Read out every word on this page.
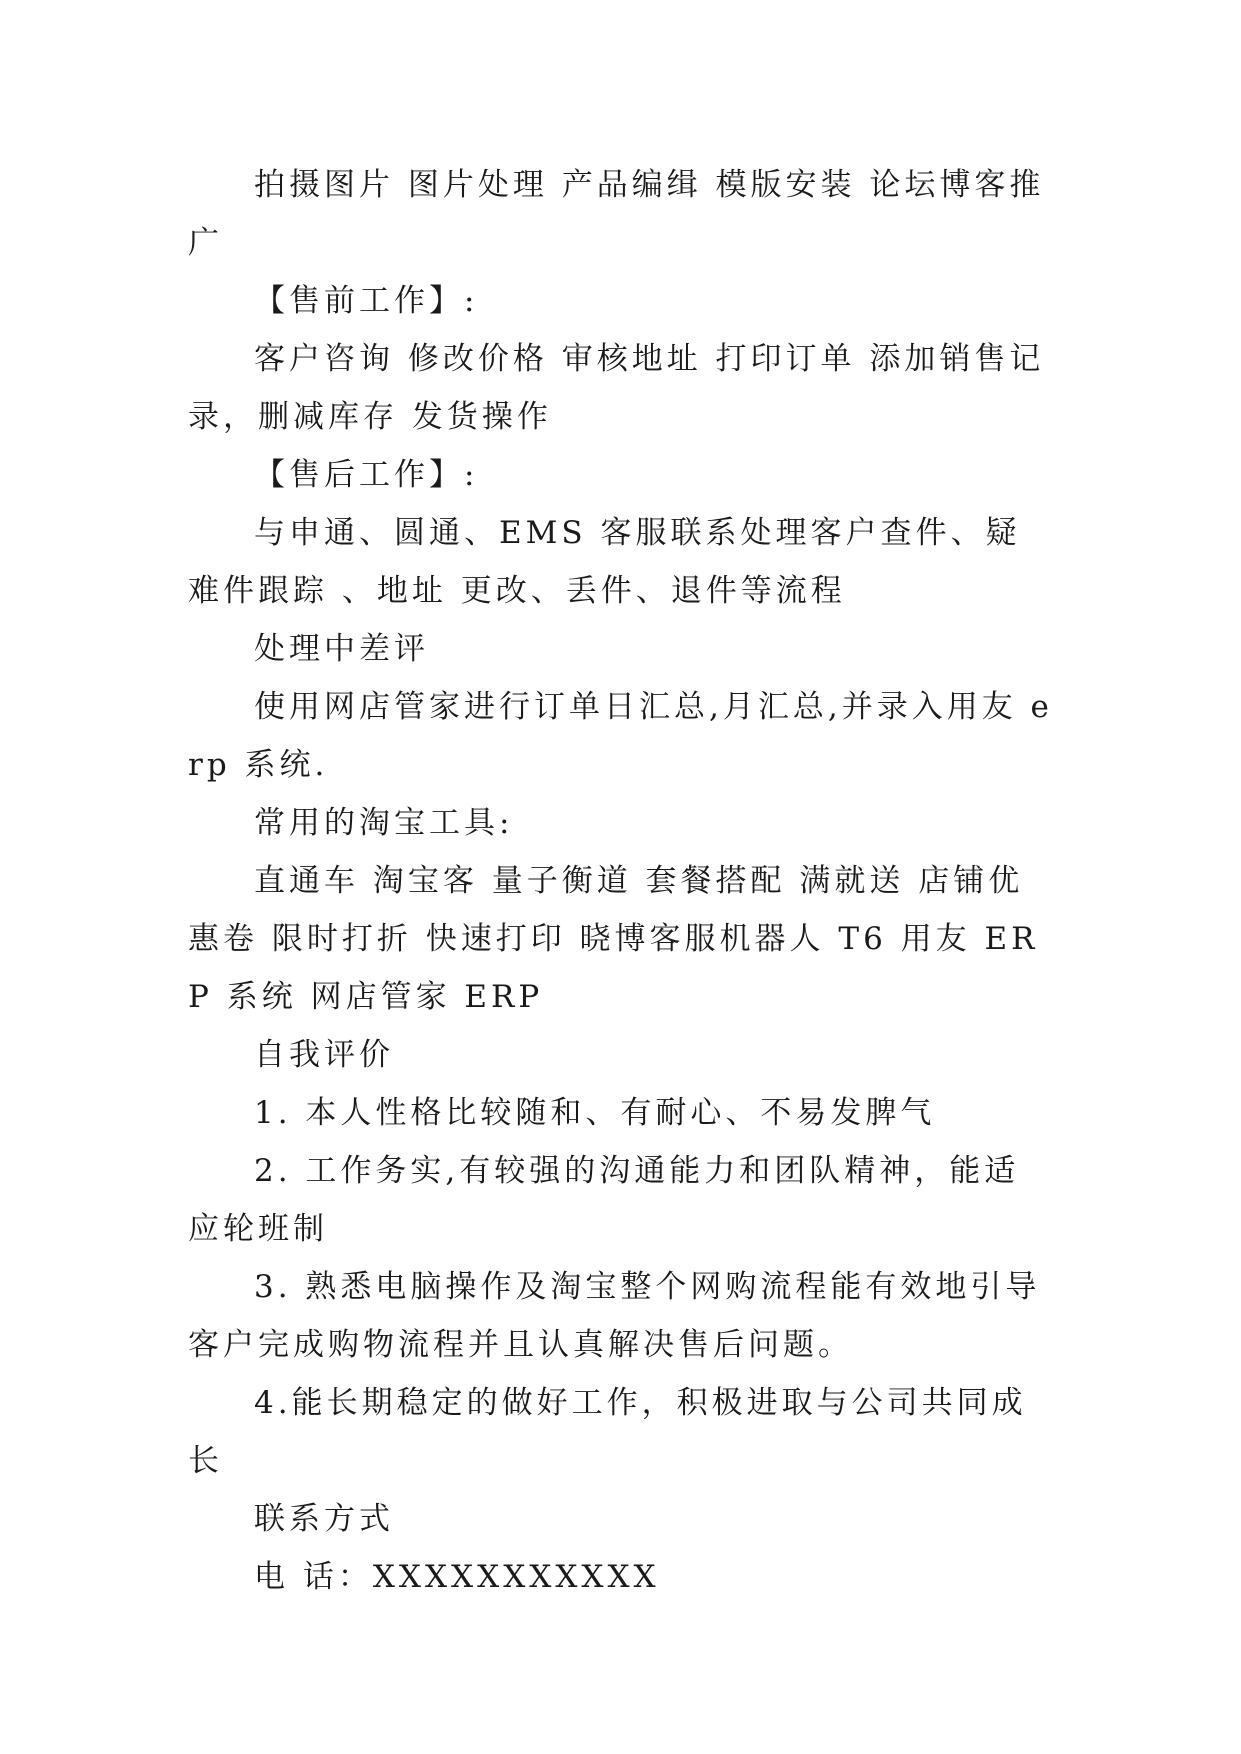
拍摄图片 图片处理 产品编缉 模版安装 论坛博客推广

【售前工作】:

客户咨询 修改价格 审核地址 打印订单 添加销售记录，删减库存 发货操作

【售后工作】:

与申通、圆通、EMS 客服联系处理客户查件、疑难件跟踪 、地址 更改、丢件、退件等流程

处理中差评

使用网店管家进行订单日汇总,月汇总,并录入用友 erp 系统.

常用的淘宝工具:

直通车 淘宝客 量子衡道 套餐搭配 满就送 店铺优惠卷 限时打折 快速打印 晓博客服机器人 T6 用友 ERP 系统 网店管家 ERP

自我评价

1. 本人性格比较随和、有耐心、不易发脾气

2. 工作务实,有较强的沟通能力和团队精神，能适应轮班制

3. 熟悉电脑操作及淘宝整个网购流程能有效地引导客户完成购物流程并且认真解决售后问题。

4.能长期稳定的做好工作，积极进取与公司共同成长

联系方式

电 话：XXXXXXXXXXX
